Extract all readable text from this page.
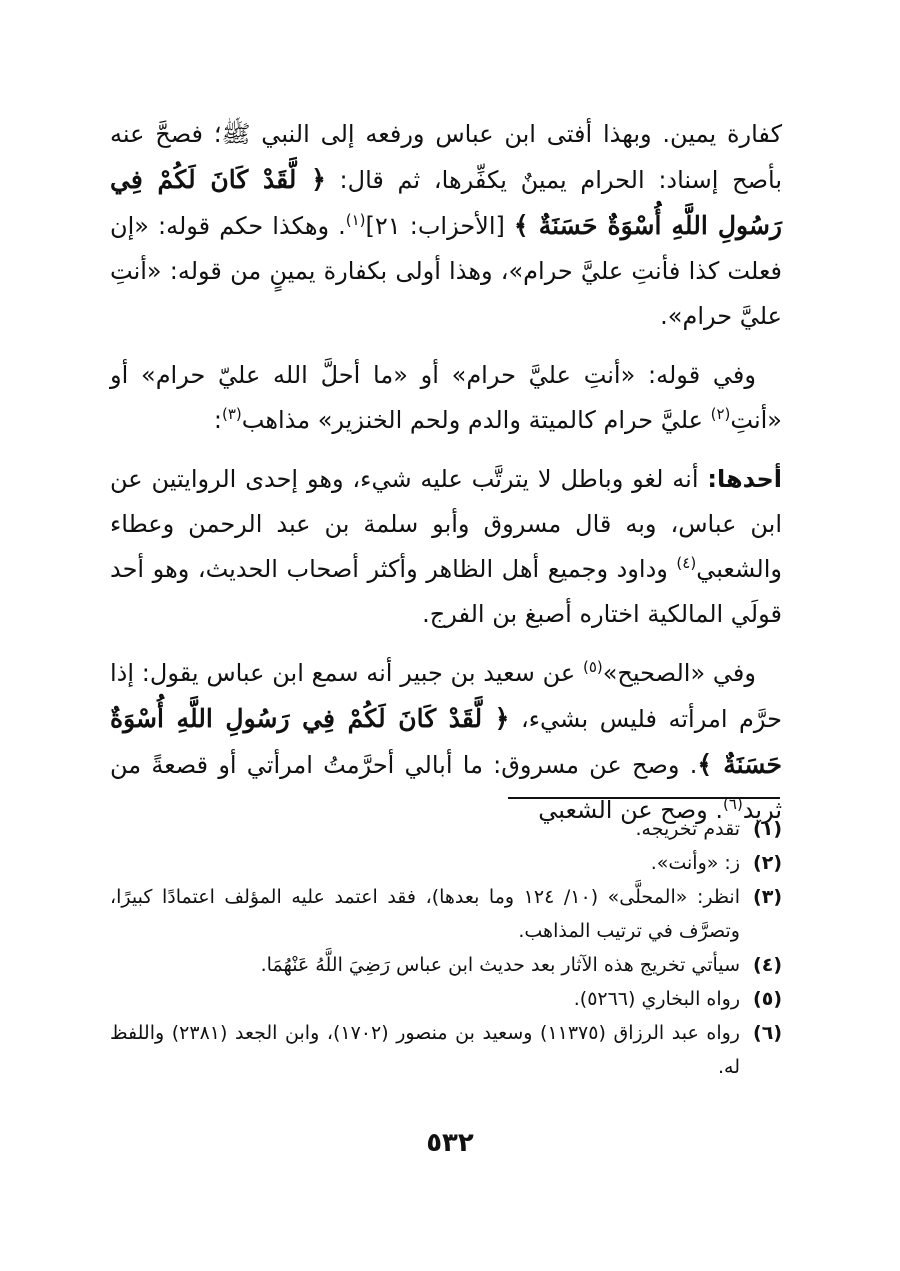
كفارة يمين. وبهذا أفتى ابن عباس ورفعه إلى النبي ﷺ؛ فصحَّ عنه بأصح إسناد: الحرام يمينٌ يكفِّرها، ثم قال: ﴿ لَّقَدْ كَانَ لَكُمْ فِي رَسُولِ اللَّهِ أُسْوَةٌ حَسَنَةٌ ﴾ [الأحزاب: ٢١]$^{(١)}$. وهكذا حكم قوله: «إن فعلت كذا فأنتِ عليَّ حرام»، وهذا أولى بكفارة يمينٍ من قوله: «أنتِ عليَّ حرام».

وفي قوله: «أنتِ عليَّ حرام» أو «ما أحلَّ الله عليّ حرام» أو «أنتِ$^{(٢)}$ عليَّ حرام كالميتة والدم ولحم الخنزير» مذاهب$^{(٣)}$:

أحدها: أنه لغو وباطل لا يترتَّب عليه شيء، وهو إحدى الروايتين عن ابن عباس، وبه قال مسروق وأبو سلمة بن عبد الرحمن وعطاء والشعبي$^{(٤)}$ وداود وجميع أهل الظاهر وأكثر أصحاب الحديث، وهو أحد قولَي المالكية اختاره أصبغ بن الفرج.

وفي «الصحيح»$^{(٥)}$ عن سعيد بن جبير أنه سمع ابن عباس يقول: إذا حرَّم امرأته فليس بشيء، ﴿ لَّقَدْ كَانَ لَكُمْ فِي رَسُولِ اللَّهِ أُسْوَةٌ حَسَنَةٌ ﴾. وصح عن مسروق: ما أبالي أحرَّمتُ امرأتي أو قصعةً من ثريد$^{(٦)}$. وصح عن الشعبي

(١)
تقدم تخريجه.
(٢)
ز: «وأنت».
(٣)
انظر: «المحلَّى» (١٠/ ١٢٤ وما بعدها)، فقد اعتمد عليه المؤلف اعتمادًا كبيرًا، وتصرَّف في ترتيب المذاهب.
(٤)
سيأتي تخريج هذه الآثار بعد حديث ابن عباس رَضِيَ اللَّهُ عَنْهُمَا.
(٥)
رواه البخاري (٥٢٦٦).
(٦)
رواه عبد الرزاق (١١٣٧٥) وسعيد بن منصور (١٧٠٢)، وابن الجعد (٢٣٨١) واللفظ له.
٥٣٢
